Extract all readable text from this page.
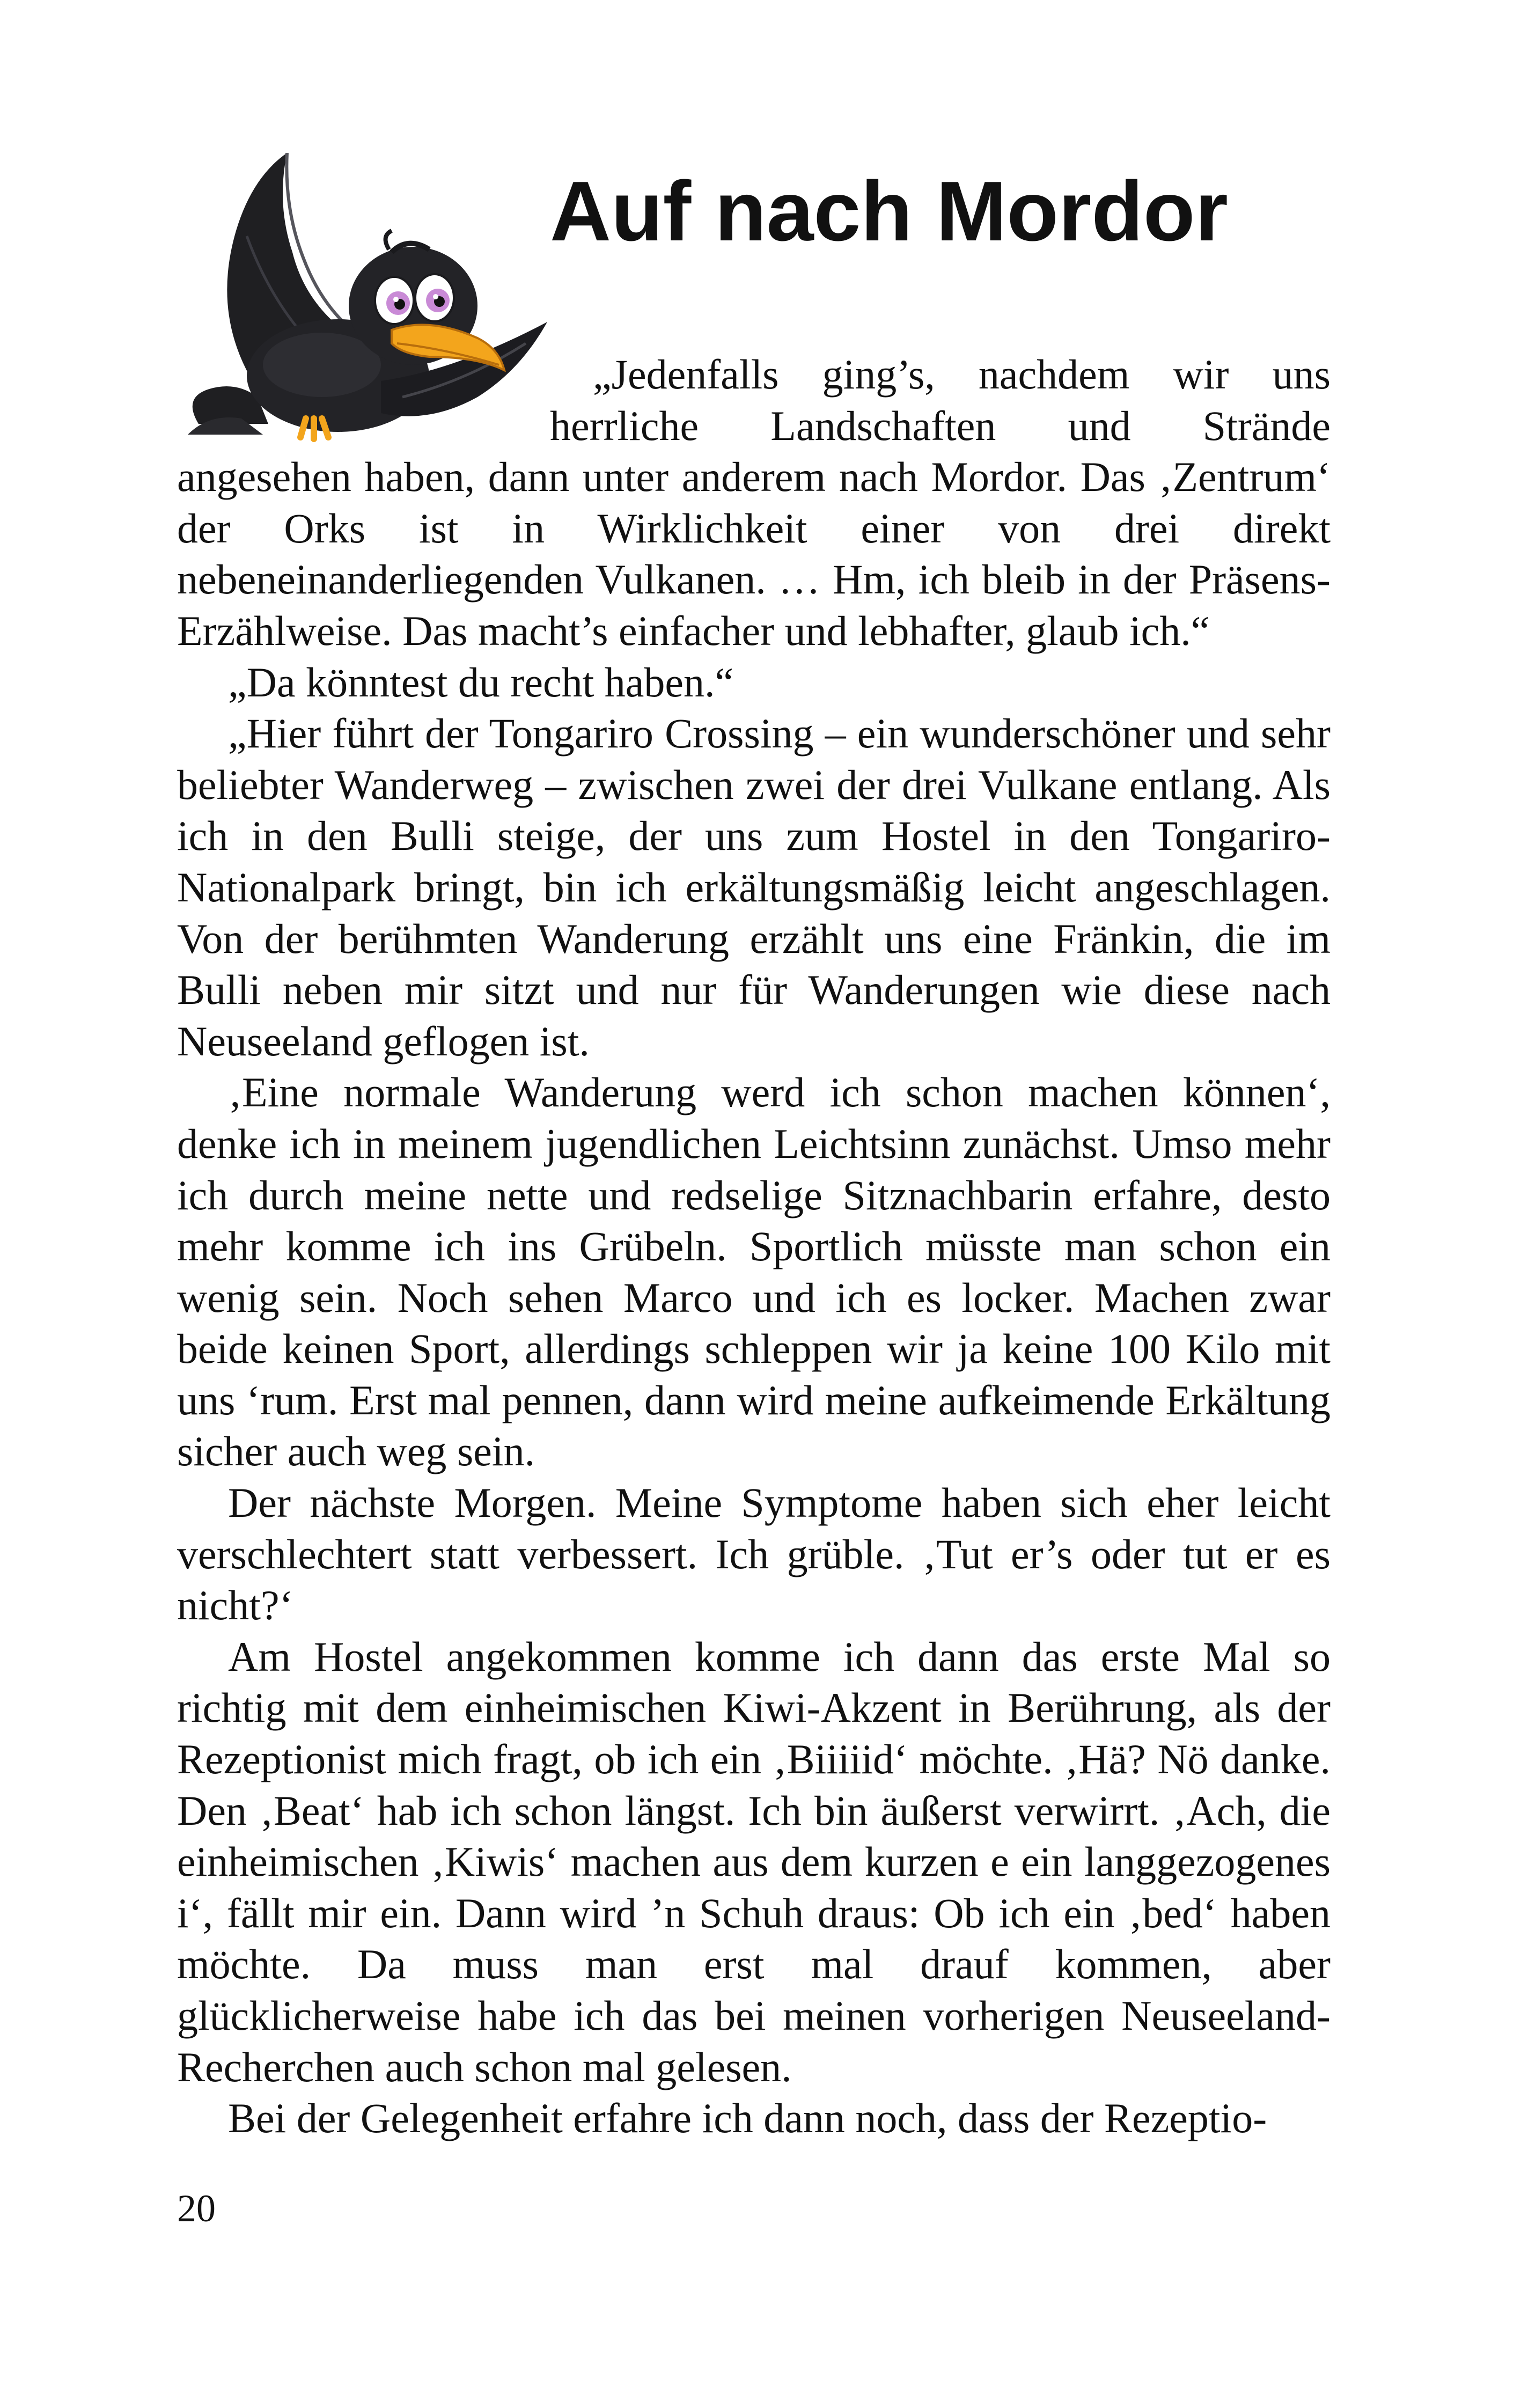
Auf nach Mordor

„Jedenfalls ging’s, nachdem wir uns herrliche Landschaften und Strände angesehen haben, dann unter anderem nach Mordor. Das ‚Zentrum‘ der Orks ist in Wirklichkeit einer von drei direkt nebeneinanderliegenden Vulkanen. … Hm, ich bleib in der Präsens-Erzählweise. Das macht’s einfacher und lebhafter, glaub ich.“

„Da könntest du recht haben.“

„Hier führt der Tongariro Crossing – ein wunderschöner und sehr beliebter Wanderweg – zwischen zwei der drei Vulkane entlang. Als ich in den Bulli steige, der uns zum Hostel in den Tongariro-Nationalpark bringt, bin ich erkältungsmäßig leicht angeschlagen. Von der berühmten Wanderung erzählt uns eine Fränkin, die im Bulli neben mir sitzt und nur für Wanderungen wie diese nach Neuseeland geflogen ist.

‚Eine normale Wanderung werd ich schon machen können‘, denke ich in meinem jugendlichen Leichtsinn zunächst. Umso mehr ich durch meine nette und redselige Sitznachbarin erfahre, desto mehr komme ich ins Grübeln. Sportlich müsste man schon ein wenig sein. Noch sehen Marco und ich es locker. Machen zwar beide keinen Sport, allerdings schleppen wir ja keine 100 Kilo mit uns ‘rum. Erst mal pennen, dann wird meine aufkeimende Erkältung sicher auch weg sein.

Der nächste Morgen. Meine Symptome haben sich eher leicht verschlechtert statt verbessert. Ich grüble. ‚Tut er’s oder tut er es nicht?‘

Am Hostel angekommen komme ich dann das erste Mal so richtig mit dem einheimischen Kiwi-Akzent in Berührung, als der Rezeptionist mich fragt, ob ich ein ‚Biiiiid‘ möchte. ‚Hä? Nö danke. Den ‚Beat‘ hab ich schon längst. Ich bin äußerst verwirrt. ‚Ach, die einheimischen ‚Kiwis‘ machen aus dem kurzen e ein langgezogenes i‘, fällt mir ein. Dann wird ’n Schuh draus: Ob ich ein ‚bed‘ haben möchte. Da muss man erst mal drauf kommen, aber glücklicherweise habe ich das bei meinen vorherigen Neuseeland-Recherchen auch schon mal gelesen.

Bei der Gelegenheit erfahre ich dann noch, dass der Rezeptio-

20
